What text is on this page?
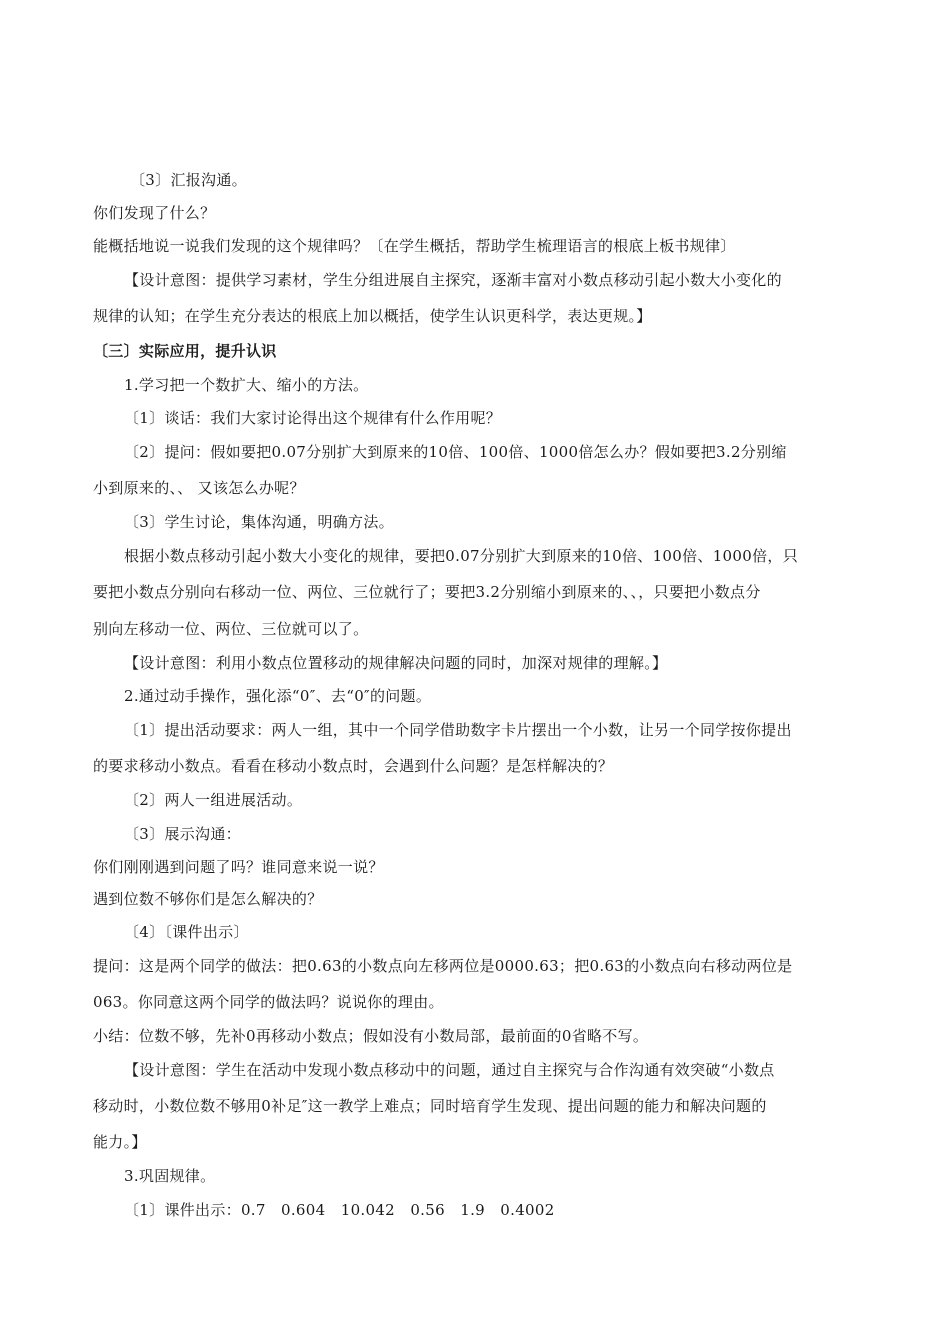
〔3〕汇报沟通。
你们发现了什么？
能概括地说一说我们发现的这个规律吗？〔在学生概括，帮助学生梳理语言的根底上板书规律〕
【设计意图：提供学习素材，学生分组进展自主探究，逐渐丰富对小数点移动引起小数大小变化的
规律的认知；在学生充分表达的根底上加以概括，使学生认识更科学，表达更规。】
〔三〕实际应用，提升认识
1.学习把一个数扩大、缩小的方法。
〔1〕谈话：我们大家讨论得出这个规律有什么作用呢？
〔2〕提问：假如要把0.07分别扩大到原来的10倍、100倍、1000倍怎么办？假如要把3.2分别缩
小到原来的、、 又该怎么办呢？
〔3〕学生讨论，集体沟通，明确方法。
根据小数点移动引起小数大小变化的规律，要把0.07分别扩大到原来的10倍、100倍、1000倍，只
要把小数点分别向右移动一位、两位、三位就行了；要把3.2分别缩小到原来的、、，只要把小数点分
别向左移动一位、两位、三位就可以了。
【设计意图：利用小数点位置移动的规律解决问题的同时，加深对规律的理解。】
2.通过动手操作，强化添“0″、去“0″的问题。
〔1〕提出活动要求：两人一组，其中一个同学借助数字卡片摆出一个小数，让另一个同学按你提出
的要求移动小数点。看看在移动小数点时，会遇到什么问题？是怎样解决的？
〔2〕两人一组进展活动。
〔3〕展示沟通：
你们刚刚遇到问题了吗？谁同意来说一说？
遇到位数不够你们是怎么解决的？
〔4〕〔课件出示〕
提问：这是两个同学的做法：把0.63的小数点向左移两位是0000.63；把0.63的小数点向右移动两位是
063。你同意这两个同学的做法吗？说说你的理由。
小结：位数不够，先补0再移动小数点；假如没有小数局部，最前面的0省略不写。
【设计意图：学生在活动中发现小数点移动中的问题，通过自主探究与合作沟通有效突破“小数点
移动时，小数位数不够用0补足″这一教学上难点；同时培育学生发现、提出问题的能力和解决问题的
能力。】
3.巩固规律。
〔1〕课件出示：0.7　0.604　10.042　0.56　1.9　0.4002
